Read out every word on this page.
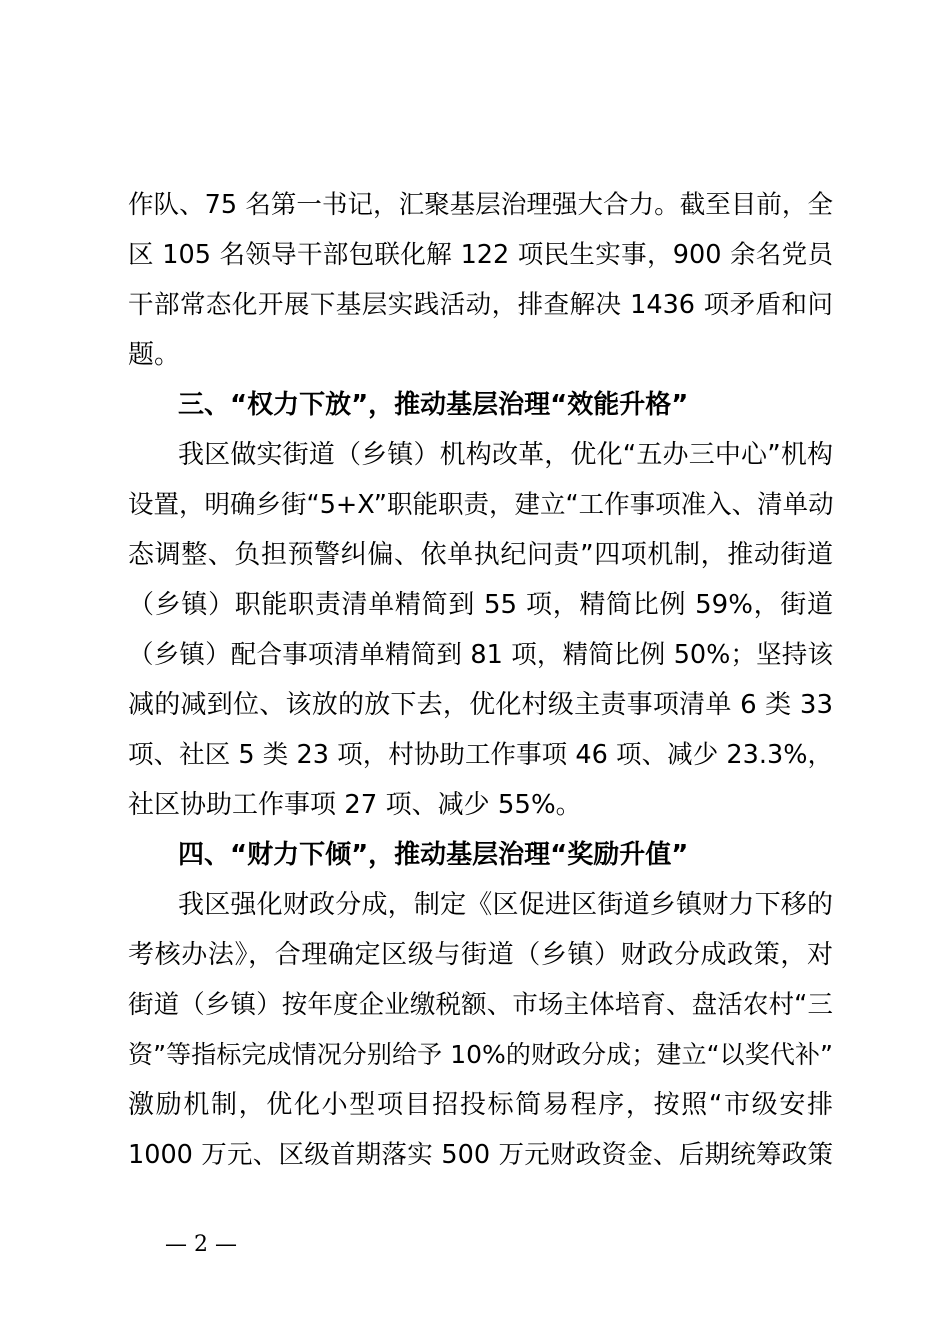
作队、75 名第一书记，汇聚基层治理强大合力。截至目前，全
区 105 名领导干部包联化解 122 项民生实事，900 余名党员
干部常态化开展下基层实践活动，排查解决 1436 项矛盾和问
题。
三、“权力下放”，推动基层治理“效能升格”
我区做实街道（乡镇）机构改革，优化“五办三中心”机构
设置，明确乡街“5+X”职能职责，建立“工作事项准入、清单动
态调整、负担预警纠偏、依单执纪问责”四项机制，推动街道
（乡镇）职能职责清单精简到 55 项，精简比例 59%，街道
（乡镇）配合事项清单精简到 81 项，精简比例 50%；坚持该
减的减到位、该放的放下去，优化村级主责事项清单 6 类 33
项、社区 5 类 23 项，村协助工作事项 46 项、减少 23.3%，
社区协助工作事项 27 项、减少 55%。
四、“财力下倾”，推动基层治理“奖励升值”
我区强化财政分成，制定《区促进区街道乡镇财力下移的
考核办法》，合理确定区级与街道（乡镇）财政分成政策，对
街道（乡镇）按年度企业缴税额、市场主体培育、盘活农村“三
资”等指标完成情况分别给予 10%的财政分成；建立“以奖代补”
激励机制，优化小型项目招投标简易程序，按照“市级安排
1000 万元、区级首期落实 500 万元财政资金、后期统筹政策
— 2 —
